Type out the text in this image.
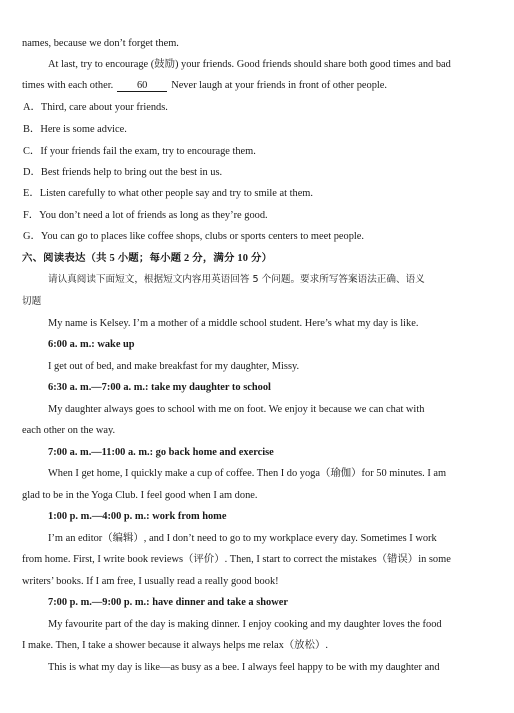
names, because we don’t forget them.
At last, try to encourage (鼓励) your friends. Good friends should share both good times and bad
times with each other. 60 Never laugh at your friends in front of other people.
A．Third, care about your friends.
B．Here is some advice.
C．If your friends fail the exam, try to encourage them.
D．Best friends help to bring out the best in us.
E．Listen carefully to what other people say and try to smile at them.
F．You don’t need a lot of friends as long as they’re good.
G．You can go to places like coffee shops, clubs or sports centers to meet people.
六、阅读表达（共 5 小题；每小题 2 分，满分 10 分）
请认真阅读下面短文，根据短文内容用英语回答 5 个问题。要求所写答案语法正确、语义
切题
My name is Kelsey. I’m a mother of a middle school student. Here’s what my day is like.
6:00 a. m.: wake up
I get out of bed, and make breakfast for my daughter, Missy.
6:30 a. m.—7:00 a. m.: take my daughter to school
My daughter always goes to school with me on foot. We enjoy it because we can chat with
each other on the way.
7:00 a. m.—11:00 a. m.: go back home and exercise
When I get home, I quickly make a cup of coffee. Then I do yoga（瑜伽）for 50 minutes. I am
glad to be in the Yoga Club. I feel good when I am done.
1:00 p. m.—4:00 p. m.: work from home
I’m an editor（编辑）, and I don’t need to go to my workplace every day. Sometimes I work
from home. First, I write book reviews（评价）. Then, I start to correct the mistakes（错误）in some
writers’ books. If I am free, I usually read a really good book!
7:00 p. m.—9:00 p. m.: have dinner and take a shower
My favourite part of the day is making dinner. I enjoy cooking and my daughter loves the food
I make. Then, I take a shower because it always helps me relax（放松）.
This is what my day is like—as busy as a bee. I always feel happy to be with my daughter and
